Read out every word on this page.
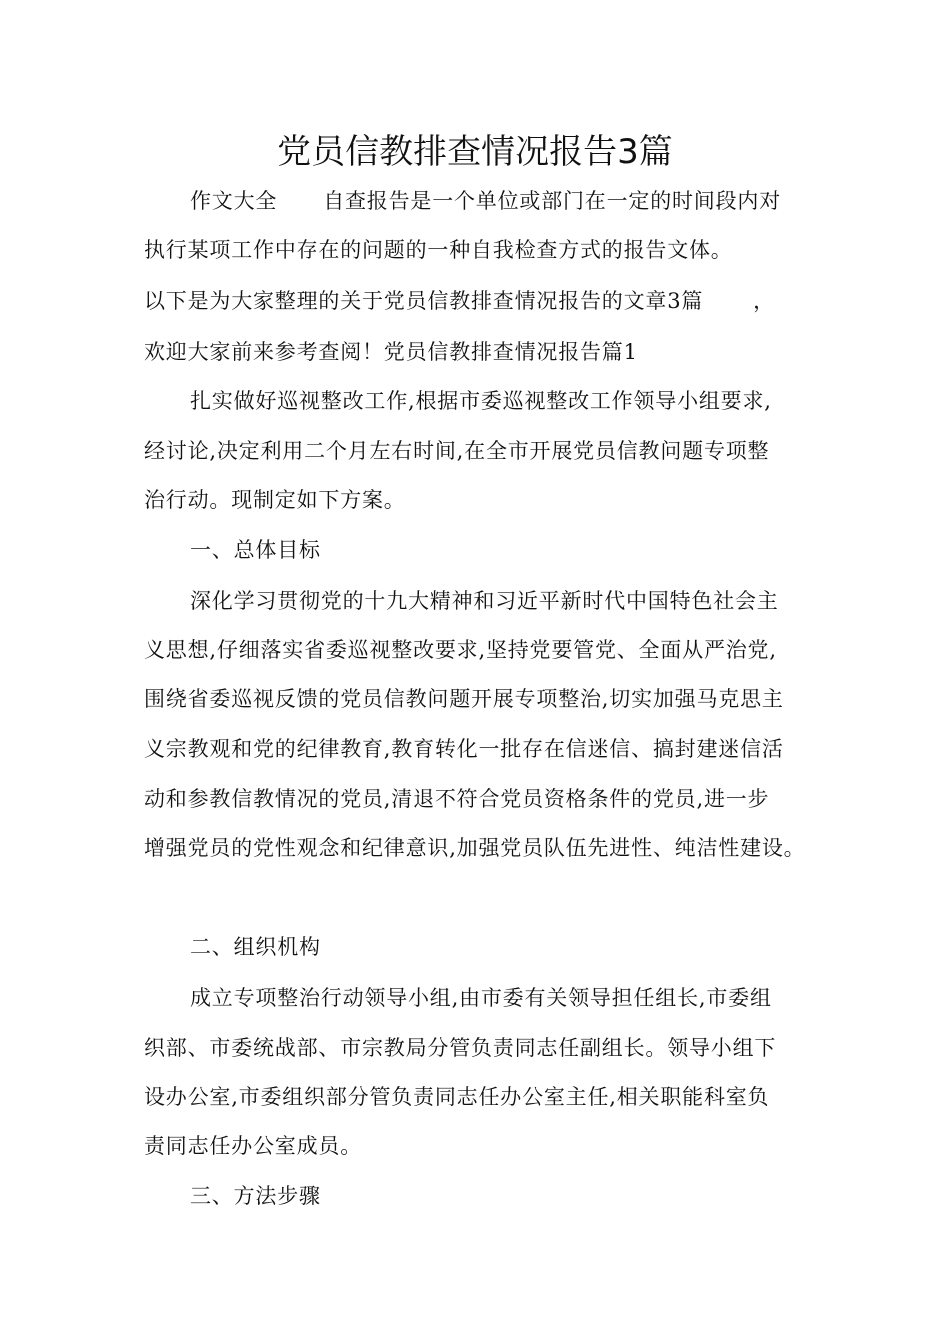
党员信教排查情况报告3篇
作文大全 自查报告是一个单位或部门在一定的时间段内对
执行某项工作中存在的问题的一种自我检查方式的报告文体。
以下是为大家整理的关于党员信教排查情况报告的文章3篇 ，
欢迎大家前来参考查阅！党员信教排查情况报告篇1
扎实做好巡视整改工作,根据市委巡视整改工作领导小组要求,
经讨论,决定利用二个月左右时间,在全市开展党员信教问题专项整
治行动。现制定如下方案。
一、总体目标
深化学习贯彻党的十九大精神和习近平新时代中国特色社会主
义思想,仔细落实省委巡视整改要求,坚持党要管党、全面从严治党,
围绕省委巡视反馈的党员信教问题开展专项整治,切实加强马克思主
义宗教观和党的纪律教育,教育转化一批存在信迷信、搞封建迷信活
动和参教信教情况的党员,清退不符合党员资格条件的党员,进一步
增强党员的党性观念和纪律意识,加强党员队伍先进性、纯洁性建设。
二、组织机构
成立专项整治行动领导小组,由市委有关领导担任组长,市委组
织部、市委统战部、市宗教局分管负责同志任副组长。领导小组下
设办公室,市委组织部分管负责同志任办公室主任,相关职能科室负
责同志任办公室成员。
三、方法步骤
